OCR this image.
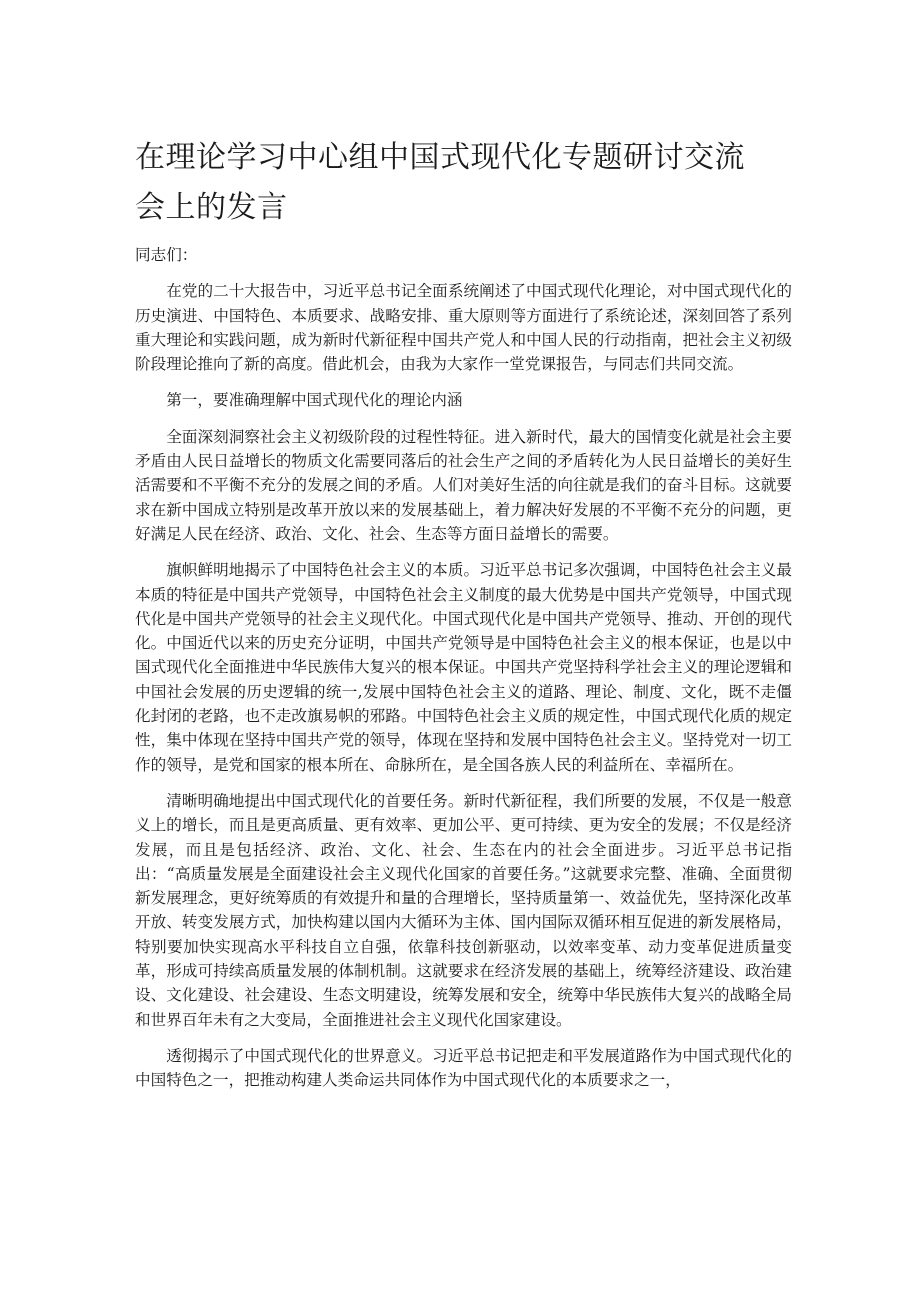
在理论学习中心组中国式现代化专题研讨交流会上的发言

同志们：

在党的二十大报告中，习近平总书记全面系统阐述了中国式现代化理论，对中国式现代化的历史演进、中国特色、本质要求、战略安排、重大原则等方面进行了系统论述，深刻回答了系列重大理论和实践问题，成为新时代新征程中国共产党人和中国人民的行动指南，把社会主义初级阶段理论推向了新的高度。借此机会，由我为大家作一堂党课报告，与同志们共同交流。

第一，要准确理解中国式现代化的理论内涵

全面深刻洞察社会主义初级阶段的过程性特征。进入新时代，最大的国情变化就是社会主要矛盾由人民日益增长的物质文化需要同落后的社会生产之间的矛盾转化为人民日益增长的美好生活需要和不平衡不充分的发展之间的矛盾。人们对美好生活的向往就是我们的奋斗目标。这就要求在新中国成立特别是改革开放以来的发展基础上，着力解决好发展的不平衡不充分的问题，更好满足人民在经济、政治、文化、社会、生态等方面日益增长的需要。

旗帜鲜明地揭示了中国特色社会主义的本质。习近平总书记多次强调，中国特色社会主义最本质的特征是中国共产党领导，中国特色社会主义制度的最大优势是中国共产党领导，中国式现代化是中国共产党领导的社会主义现代化。中国式现代化是中国共产党领导、推动、开创的现代化。中国近代以来的历史充分证明，中国共产党领导是中国特色社会主义的根本保证，也是以中国式现代化全面推进中华民族伟大复兴的根本保证。中国共产党坚持科学社会主义的理论逻辑和中国社会发展的历史逻辑的统一,发展中国特色社会主义的道路、理论、制度、文化，既不走僵化封闭的老路，也不走改旗易帜的邪路。中国特色社会主义质的规定性，中国式现代化质的规定性，集中体现在坚持中国共产党的领导，体现在坚持和发展中国特色社会主义。坚持党对一切工作的领导，是党和国家的根本所在、命脉所在，是全国各族人民的利益所在、幸福所在。

清晰明确地提出中国式现代化的首要任务。新时代新征程，我们所要的发展，不仅是一般意义上的增长，而且是更高质量、更有效率、更加公平、更可持续、更为安全的发展；不仅是经济发展，而且是包括经济、政治、文化、社会、生态在内的社会全面进步。习近平总书记指出：“高质量发展是全面建设社会主义现代化国家的首要任务。”这就要求完整、准确、全面贯彻新发展理念，更好统筹质的有效提升和量的合理增长，坚持质量第一、效益优先，坚持深化改革开放、转变发展方式，加快构建以国内大循环为主体、国内国际双循环相互促进的新发展格局，特别要加快实现高水平科技自立自强，依靠科技创新驱动，以效率变革、动力变革促进质量变革，形成可持续高质量发展的体制机制。这就要求在经济发展的基础上，统筹经济建设、政治建设、文化建设、社会建设、生态文明建设，统筹发展和安全，统筹中华民族伟大复兴的战略全局和世界百年未有之大变局，全面推进社会主义现代化国家建设。

透彻揭示了中国式现代化的世界意义。习近平总书记把走和平发展道路作为中国式现代化的中国特色之一，把推动构建人类命运共同体作为中国式现代化的本质要求之一，
